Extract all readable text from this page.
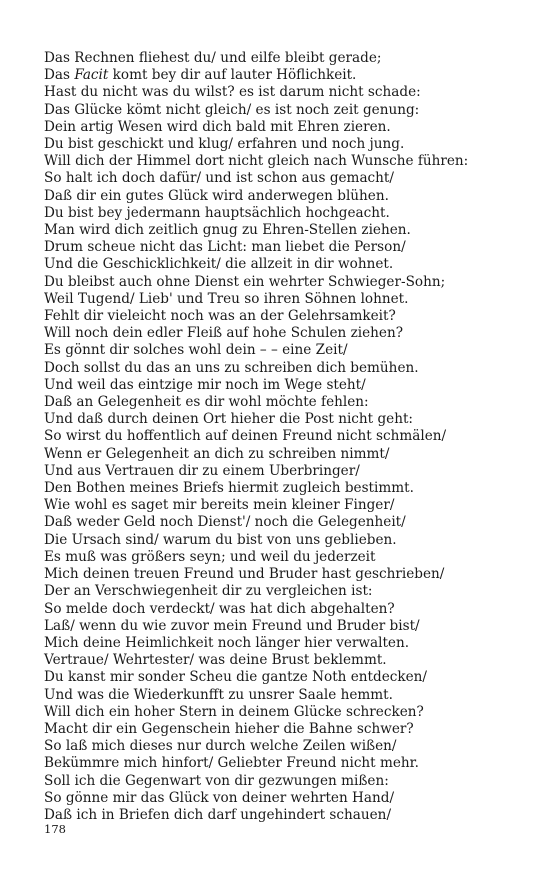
Das Rechnen fliehest du/ und eilfe bleibt gerade;
Das Facit komt bey dir auf lauter Höflichkeit.
Hast du nicht was du wilst? es ist darum nicht schade:
Das Glücke kömt nicht gleich/ es ist noch zeit genung:
Dein artig Wesen wird dich bald mit Ehren zieren.
Du bist geschickt und klug/ erfahren und noch jung.
Will dich der Himmel dort nicht gleich nach Wunsche führen:
So halt ich doch dafür/ und ist schon aus gemacht/
Daß dir ein gutes Glück wird anderwegen blühen.
Du bist bey jedermann hauptsächlich hochgeacht.
Man wird dich zeitlich gnug zu Ehren-Stellen ziehen.
Drum scheue nicht das Licht: man liebet die Person/
Und die Geschicklichkeit/ die allzeit in dir wohnet.
Du bleibst auch ohne Dienst ein wehrter Schwieger-Sohn;
Weil Tugend/ Lieb' und Treu so ihren Söhnen lohnet.
Fehlt dir vieleicht noch was an der Gelehrsamkeit?
Will noch dein edler Fleiß auf hohe Schulen ziehen?
Es gönnt dir solches wohl dein – – eine Zeit/
Doch sollst du das an uns zu schreiben dich bemühen.
Und weil das eintzige mir noch im Wege steht/
Daß an Gelegenheit es dir wohl möchte fehlen:
Und daß durch deinen Ort hieher die Post nicht geht:
So wirst du hoffentlich auf deinen Freund nicht schmälen/
Wenn er Gelegenheit an dich zu schreiben nimmt/
Und aus Vertrauen dir zu einem Uberbringer/
Den Bothen meines Briefs hiermit zugleich bestimmt.
Wie wohl es saget mir bereits mein kleiner Finger/
Daß weder Geld noch Dienst'/ noch die Gelegenheit/
Die Ursach sind/ warum du bist von uns geblieben.
Es muß was größers seyn; und weil du jederzeit
Mich deinen treuen Freund und Bruder hast geschrieben/
Der an Verschwiegenheit dir zu vergleichen ist:
So melde doch verdeckt/ was hat dich abgehalten?
Laß/ wenn du wie zuvor mein Freund und Bruder bist/
Mich deine Heimlichkeit noch länger hier verwalten.
Vertraue/ Wehrtester/ was deine Brust beklemmt.
Du kanst mir sonder Scheu die gantze Noth entdecken/
Und was die Wiederkunfft zu unsrer Saale hemmt.
Will dich ein hoher Stern in deinem Glücke schrecken?
Macht dir ein Gegenschein hieher die Bahne schwer?
So laß mich dieses nur durch welche Zeilen wißen/
Bekümmre mich hinfort/ Geliebter Freund nicht mehr.
Soll ich die Gegenwart von dir gezwungen mißen:
So gönne mir das Glück von deiner wehrten Hand/
Daß ich in Briefen dich darf ungehindert schauen/
178
